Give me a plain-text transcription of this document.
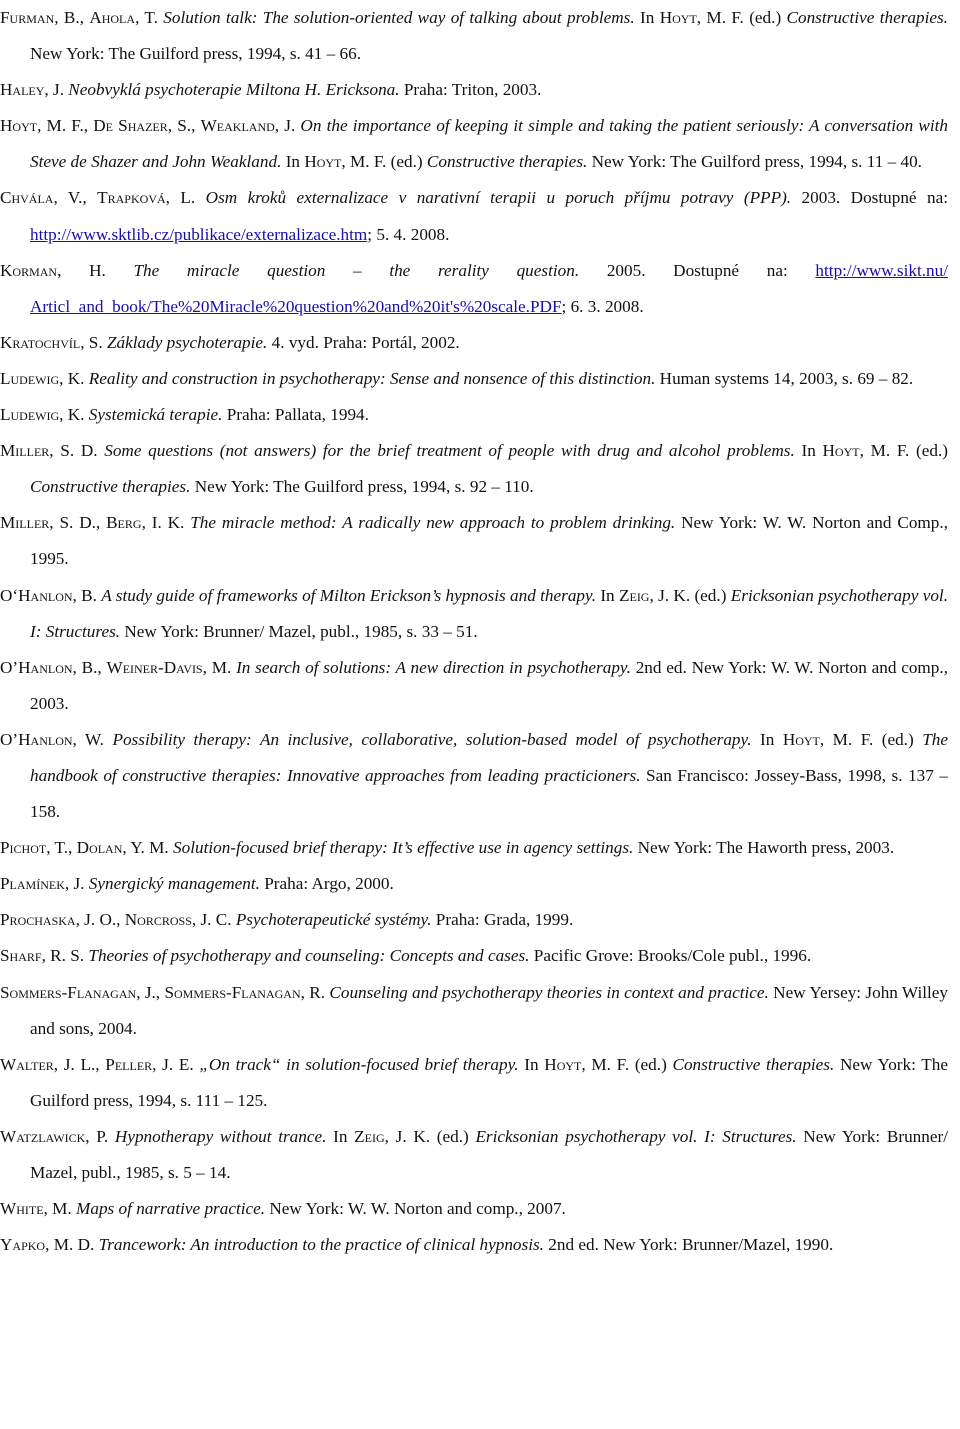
Furman, B., Ahola, T. Solution talk: The solution-oriented way of talking about problems. In Hoyt, M. F. (ed.) Constructive therapies. New York: The Guilford press, 1994, s. 41 – 66.
Haley, J. Neobvyklá psychoterapie Miltona H. Ericksona. Praha: Triton, 2003.
Hoyt, M. F., De Shazer, S., Weakland, J. On the importance of keeping it simple and taking the patient seriously: A conversation with Steve de Shazer and John Weakland. In Hoyt, M. F. (ed.) Constructive therapies. New York: The Guilford press, 1994, s. 11 – 40.
Chvála, V., Trapková, L. Osm kroků externalizace v narativní terapii u poruch příjmu potravy (PPP). 2003. Dostupné na: http://www.sktlib.cz/publikace/externalizace.htm; 5. 4. 2008.
Korman, H. The miracle question – the rerality question. 2005. Dostupné na: http://www.sikt.nu/ Articl_and_book/The%20Miracle%20question%20and%20it's%20scale.PDF; 6. 3. 2008.
Kratochvíl, S. Základy psychoterapie. 4. vyd. Praha: Portál, 2002.
Ludewig, K. Reality and construction in psychotherapy: Sense and nonsence of this distinction. Human systems 14, 2003, s. 69 – 82.
Ludewig, K. Systemická terapie. Praha: Pallata, 1994.
Miller, S. D. Some questions (not answers) for the brief treatment of people with drug and alcohol problems. In Hoyt, M. F. (ed.) Constructive therapies. New York: The Guilford press, 1994, s. 92 – 110.
Miller, S. D., Berg, I. K. The miracle method: A radically new approach to problem drinking. New York: W. W. Norton and Comp., 1995.
O‘Hanlon, B. A study guide of frameworks of Milton Erickson’s hypnosis and therapy. In Zeig, J. K. (ed.) Ericksonian psychotherapy vol. I: Structures. New York: Brunner/ Mazel, publ., 1985, s. 33 – 51.
O’Hanlon, B., Weiner-Davis, M. In search of solutions: A new direction in psychotherapy. 2nd ed. New York: W. W. Norton and comp., 2003.
O’Hanlon, W. Possibility therapy: An inclusive, collaborative, solution-based model of psychotherapy. In Hoyt, M. F. (ed.) The handbook of constructive therapies: Innovative approaches from leading practicioners. San Francisco: Jossey-Bass, 1998, s. 137 – 158.
Pichot, T., Dolan, Y. M. Solution-focused brief therapy: It’s effective use in agency settings. New York: The Haworth press, 2003.
Plamínek, J. Synergický management. Praha: Argo, 2000.
Prochaska, J. O., Norcross, J. C. Psychoterapeutické systémy. Praha: Grada, 1999.
Sharf, R. S. Theories of psychotherapy and counseling: Concepts and cases. Pacific Grove: Brooks/Cole publ., 1996.
Sommers-Flanagan, J., Sommers-Flanagan, R. Counseling and psychotherapy theories in context and practice. New Yersey: John Willey and sons, 2004.
Walter, J. L., Peller, J. E. „On track“ in solution-focused brief therapy. In Hoyt, M. F. (ed.) Constructive therapies. New York: The Guilford press, 1994, s. 111 – 125.
Watzlawick, P. Hypnotherapy without trance. In Zeig, J. K. (ed.) Ericksonian psychotherapy vol. I: Structures. New York: Brunner/ Mazel, publ., 1985, s. 5 – 14.
White, M. Maps of narrative practice. New York: W. W. Norton and comp., 2007.
Yapko, M. D. Trancework: An introduction to the practice of clinical hypnosis. 2nd ed. New York: Brunner/Mazel, 1990.
